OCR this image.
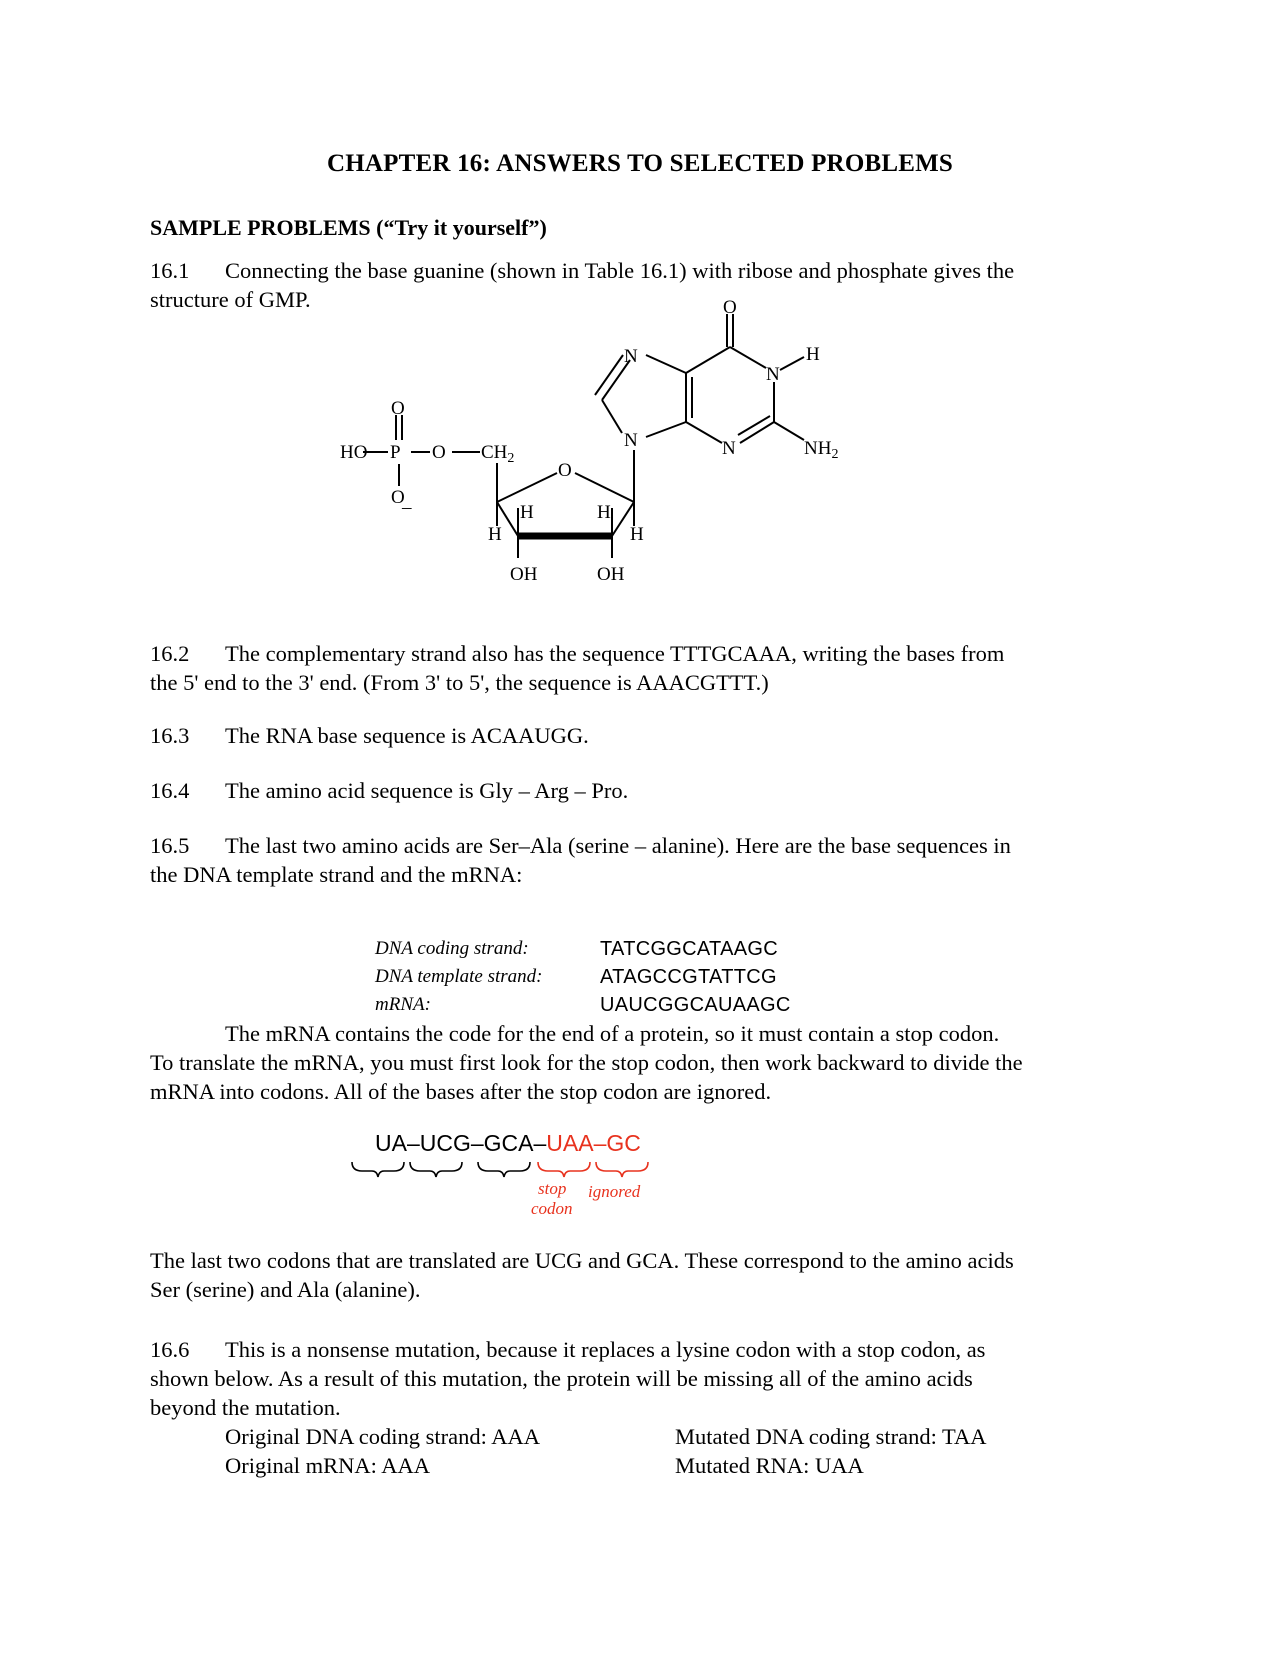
CHAPTER 16: ANSWERS TO SELECTED PROBLEMS
SAMPLE PROBLEMS (“Try it yourself”)
16.1 Connecting the base guanine (shown in Table 16.1) with ribose and phosphate gives the
structure of GMP.
HO P O
O
O
–
$CH_2$
O
H
H
H
H
OH	OH
N
N
N
N
O
H
$NH_2$
16.2 The complementary strand also has the sequence TTTGCAAA, writing the bases from
the 5' end to the 3' end. (From 3' to 5', the sequence is AAACGTTT.)
16.3 The RNA base sequence is ACAAUGG.
16.4 The amino acid sequence is Gly – Arg – Pro.
16.5 The last two amino acids are Ser–Ala (serine – alanine). Here are the base sequences in
the DNA template strand and the mRNA:
DNA coding strand:	TATCGGCATAAGC
DNA template strand:	ATAGCCGTATTCG
mRNA:	UAUCGGCAUAAGC
The mRNA contains the code for the end of a protein, so it must contain a stop codon.
To translate the mRNA, you must first look for the stop codon, then work backward to divide the
mRNA into codons. All of the bases after the stop codon are ignored.
UA–UCG–GCA–UAA–GC
stop
codon
ignored
The last two codons that are translated are UCG and GCA. These correspond to the amino acids
Ser (serine) and Ala (alanine).
16.6 This is a nonsense mutation, because it replaces a lysine codon with a stop codon, as
shown below. As a result of this mutation, the protein will be missing all of the amino acids
beyond the mutation.
Original DNA coding strand: AAA	Mutated DNA coding strand: TAA
Original mRNA: AAA	Mutated RNA: UAA
